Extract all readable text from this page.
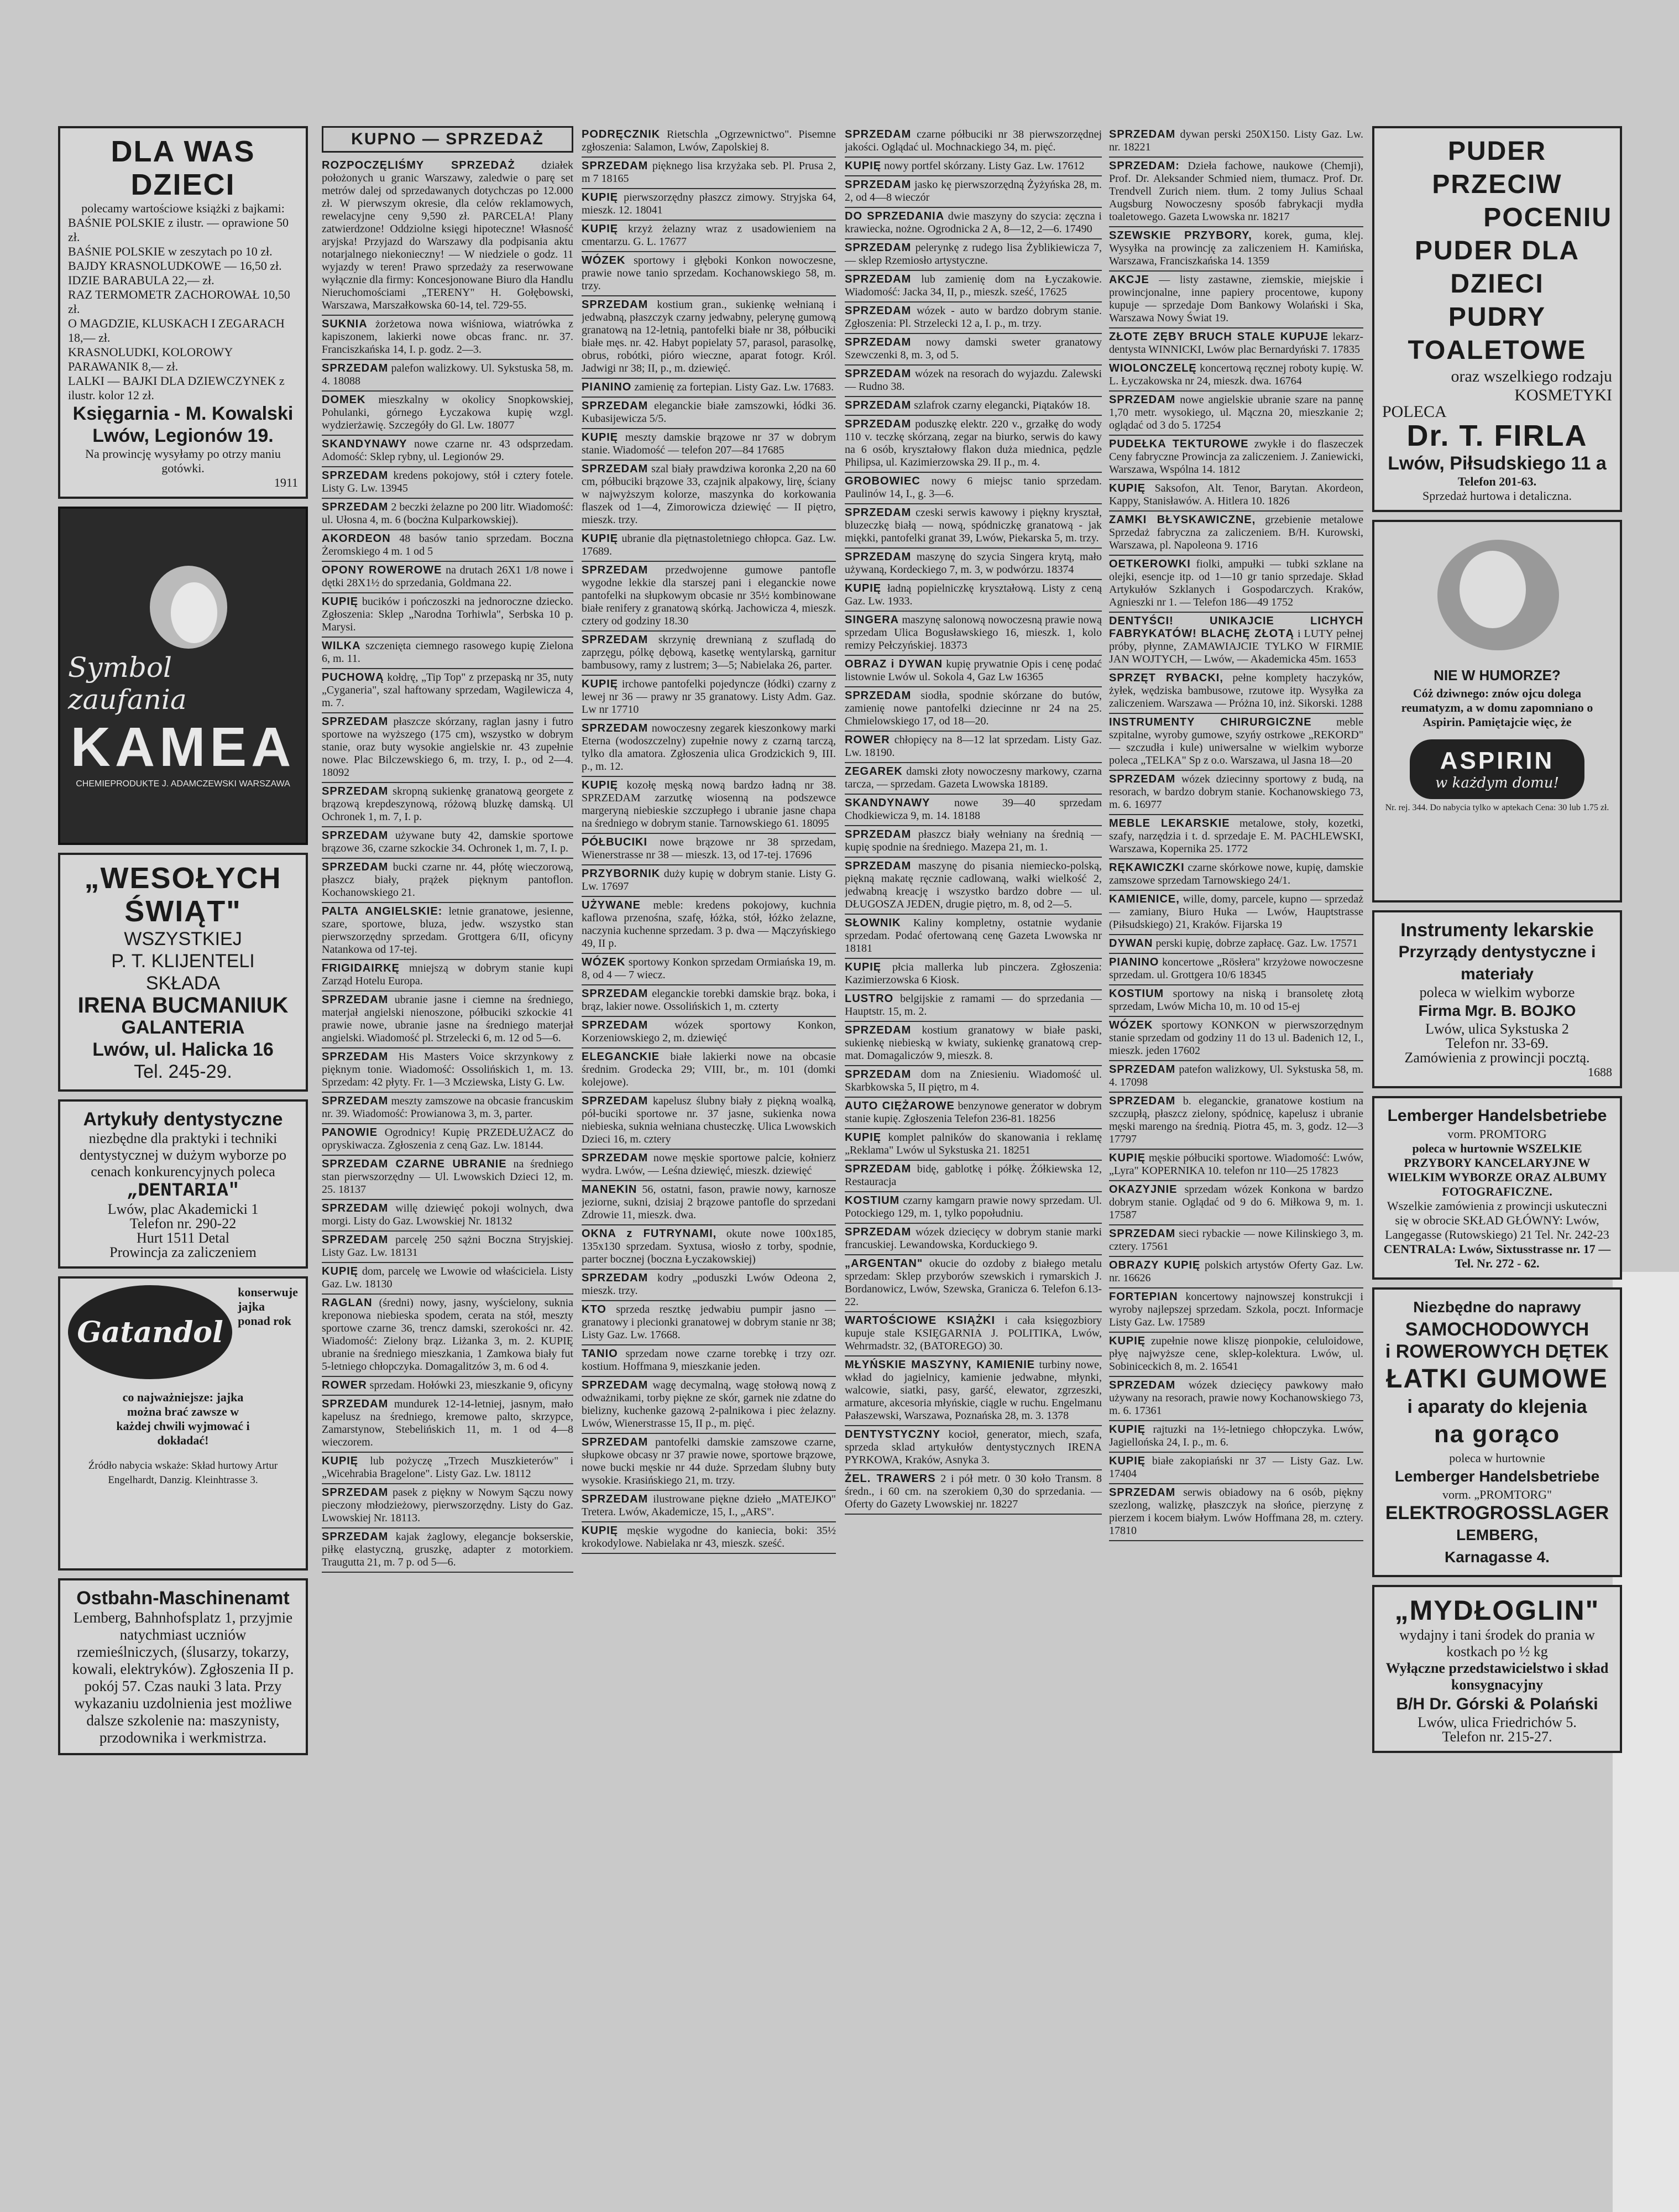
DLA WAS DZIECI
polecamy wartościowe książki z bajkami:
BAŚNIE POLSKIE z ilustr. — oprawione 50 zł.
BAŚNIE POLSKIE w zeszytach po 10 zł.
BAJDY KRASNOLUDKOWE — 16,50 zł.
IDZIE BARABULA 22,— zł.
RAZ TERMOMETR ZACHOROWAŁ 10,50 zł.
O MAGDZIE, KLUSKACH I ZEGARACH 18,— zł.
KRASNOLUDKI, KOLOROWY PARAWANIK 8,— zł.
LALKI — BAJKI DLA DZIEWCZYNEK z ilustr. kolor 12 zł.
Księgarnia - M. Kowalski
Lwów, Legionów 19.
Na prowincję wysyłamy po otrzy maniu gotówki.
1911
Symbol zaufania
KAMEA
CHEMIEPRODUKTE J. ADAMCZEWSKI WARSZAWA
„WESOŁYCH
ŚWIĄT"
WSZYSTKIEJ
P. T. KLIJENTELI
SKŁADA
IRENA BUCMANIUK
GALANTERIA
Lwów, ul. Halicka 16
Tel. 245-29.
Artykuły dentystyczne
niezbędne dla praktyki i techniki dentystycznej w dużym wyborze po cenach konkurencyjnych poleca
„DENTARIA"
Lwów, plac Akademicki 1
Telefon nr. 290-22
Hurt 1511 Detal
Prowincja za zaliczeniem
Gatandol
konserwuje jajka ponad rok
co najważniejsze: jajka można brać zawsze w każdej chwili wyjmować i dokładać!
Źródło nabycia wskaże: Skład hurtowy Artur Engelhardt, Danzig. Kleinhtrasse 3.
Ostbahn-Maschinenamt
Lemberg, Bahnhofsplatz 1, przyjmie natychmiast uczniów rzemieślniczych, (ślusarzy, tokarzy, kowali, elektryków). Zgłoszenia II p. pokój 57. Czas nauki 3 lata. Przy wykazaniu uzdolnienia jest możliwe dalsze szkolenie na: maszynisty, przodownika i werkmistrza.
KUPNO — SPRZEDAŻ
ROZPOCZĘLIŚMY SPRZEDAŻ działek położonych u granic Warszawy, zaledwie o parę set metrów dalej od sprzedawanych dotychczas po 12.000 zł. W pierwszym okresie, dla celów reklamowych, rewelacyjne ceny 9,590 zł. PARCELA! Plany zatwierdzone! Oddziolne księgi hipoteczne! Własność aryjska! Przyjazd do Warszawy dla podpisania aktu notarjalnego niekonieczny! — W niedziele o godz. 11 wyjazdy w teren! Prawo sprzedaży za reserwowane wyłącznie dla firmy: Koncesjonowane Biuro dla Handlu Nieruchomościami „TERENY" H. Gołębowski, Warszawa, Marszałkowska 60-14, tel. 729-55.
SUKNIA żorżetowa nowa wiśniowa, wiatrówka z kapiszonem, lakierki nowe obcas franc. nr. 37. Franciszkańska 14, I. p. godz. 2—3.
SPRZEDAM palefon walizkowy. Ul. Sykstuska 58, m. 4. 18088
DOMEK mieszkalny w okolicy Snopkowskiej, Pohulanki, górnego Łyczakowa kupię wzgl. wydzierżawię. Szczegóły do Gl. Lw. 18077
SKANDYNAWY nowe czarne nr. 43 odsprzedam. Adomość: Sklep rybny, ul. Legionów 29.
SPRZEDAM kredens pokojowy, stół i cztery fotele. Listy G. Lw. 13945
SPRZEDAM 2 beczki żelazne po 200 litr. Wiadomość: ul. Ułosna 4, m. 6 (bocżna Kulparkowskiej).
AKORDEON 48 basów tanio sprzedam. Boczna Żeromskiego 4 m. 1 od 5
OPONY ROWEROWE na drutach 26X1 1/8 nowe i dętki 28X1½ do sprzedania, Goldmana 22.
KUPIĘ bucików i pończoszki na jednoroczne dziecko. Zgłoszenia: Sklep „Narodna Torhiwla", Serbska 10 p. Marysi.
WILKA szczenięta ciemnego rasowego kupię Zielona 6, m. 11.
PUCHOWĄ kołdrę, „Tip Top" z przepaską nr 35, nuty „Cyganeria", szal haftowany sprzedam, Wagilewicza 4, m. 7.
SPRZEDAM płaszcze skórzany, raglan jasny i futro sportowe na wyższego (175 cm), wszystko w dobrym stanie, oraz buty wysokie angielskie nr. 43 zupełnie nowe. Plac Bilczewskiego 6, m. trzy, I. p., od 2—4. 18092
SPRZEDAM skropną sukienkę granatową georgete z brązową krepdeszynową, różową bluzkę damską. Ul Ochronek 1, m. 7, I. p.
SPRZEDAM używane buty 42, damskie sportowe brązowe 36, czarne szkockie 34. Ochronek 1, m. 7, I. p.
SPRZEDAM bucki czarne nr. 44, płótę wieczorową, płaszcz biały, prążek pięknym pantoflon. Kochanowskiego 21.
PALTA ANGIELSKIE: letnie granatowe, jesienne, szare, sportowe, bluza, jedw. wszystko stan pierwszorzędny sprzedam. Grottgera 6/II, oficyny Natankowa od 17-tej.
FRIGIDAIRKĘ mniejszą w dobrym stanie kupi Zarząd Hotelu Europa.
SPRZEDAM ubranie jasne i ciemne na średniego, materjał angielski nienoszone, półbuciki szkockie 41 prawie nowe, ubranie jasne na średniego materjał angielski. Wiadomość pl. Strzelecki 6, m. 12 od 5—6.
SPRZEDAM His Masters Voice skrzynkowy z pięknym tonie. Wiadomość: Ossolińskich 1, m. 13. Sprzedam: 42 płyty. Fr. 1—3 Mcziewska, Listy G. Lw.
SPRZEDAM meszty zamszowe na obcasie francuskim nr. 39. Wiadomość: Prowianowa 3, m. 3, parter.
PANOWIE Ogrodnicy! Kupię PRZEDŁUŻACZ do opryskiwacza. Zgłoszenia z ceną Gaz. Lw. 18144.
SPRZEDAM CZARNE UBRANIE na średniego stan pierwszorzędny — Ul. Lwowskich Dzieci 12, m. 25. 18137
SPRZEDAM willę dziewięć pokoji wolnych, dwa morgi. Listy do Gaz. Lwowskiej Nr. 18132
SPRZEDAM parcelę 250 sążni Boczna Stryjskiej. Listy Gaz. Lw. 18131
KUPIĘ dom, parcelę we Lwowie od właściciela. Listy Gaz. Lw. 18130
RAGLAN (średni) nowy, jasny, wyścielony, suknia kreponowa niebieska spodem, cerata na stół, meszty sportowe czarne 36, trencz damski, szerokości nr. 42. Wiadomość: Zielony brąz. Liżanka 3, m. 2. KUPIĘ ubranie na średniego mieszkania, 1 Zamkowa biały fut 5-letniego chłopczyka. Domagalitzów 3, m. 6 od 4.
ROWER sprzedam. Hołówki 23, mieszkanie 9, oficyny
SPRZEDAM mundurek 12-14-letniej, jasnym, mało kapelusz na średniego, kremowe palto, skrzypce, Zamarstynow, Stebelińskich 11, m. 1 od 4—8 wieczorem.
KUPIĘ lub pożyczę „Trzech Muszkieterów" i „Wicehrabia Bragelone". Listy Gaz. Lw. 18112
SPRZEDAM pasek z piękny w Nowym Sączu nowy pieczony młodzieżowy, pierwszorzędny. Listy do Gaz. Lwowskiej Nr. 18113.
SPRZEDAM kajak żaglowy, elegancje bokserskie, piłkę elastyczną, gruszkę, adapter z motorkiem. Traugutta 21, m. 7 p. od 5—6.
PODRĘCZNIK Rietschla „Ogrzewnictwo". Pisemne zgłoszenia: Salamon, Lwów, Zapolskiej 8.
SPRZEDAM pięknego lisa krzyżaka seb. Pl. Prusa 2, m 7 18165
KUPIĘ pierwszorzędny płaszcz zimowy. Stryjska 64, mieszk. 12. 18041
KUPIĘ krzyż żelazny wraz z usadowieniem na cmentarzu. G. L. 17677
WÓZEK sportowy i głęboki Konkon nowoczesne, prawie nowe tanio sprzedam. Kochanowskiego 58, m. trzy.
SPRZEDAM kostium gran., sukienkę wełnianą i jedwabną, płaszczyk czarny jedwabny, pelerynę gumową granatową na 12-letnią, pantofelki białe nr 38, półbuciki białe męs. nr. 42. Habyt popielaty 57, parasol, parasolkę, obrus, robótki, pióro wieczne, aparat fotogr. Król. Jadwigi nr 38; II, p., m. dziewięć.
PIANINO zamienię za fortepian. Listy Gaz. Lw. 17683.
SPRZEDAM eleganckie białe zamszowki, łódki 36. Kubasijewicza 5/5.
KUPIĘ meszty damskie brązowe nr 37 w dobrym stanie. Wiadomość — telefon 207—84 17685
SPRZEDAM szal biały prawdziwa koronka 2,20 na 60 cm, półbuciki brązowe 33, czajnik alpakowy, lirę, ściany w najwyższym kolorze, maszynka do korkowania flaszek od 1—4, Zimorowicza dziewięć — II piętro, mieszk. trzy.
KUPIĘ ubranie dla piętnastoletniego chłopca. Gaz. Lw. 17689.
SPRZEDAM przedwojenne gumowe pantofle wygodne lekkie dla starszej pani i eleganckie nowe pantofelki na słupkowym obcasie nr 35½ kombinowane białe renifery z granatową skórką. Jachowicza 4, mieszk. cztery od godziny 18.30
SPRZEDAM skrzynię drewnianą z szufladą do zaprzęgu, pólkę dębową, kasetkę wentylarską, garnitur bambusowy, ramy z lustrem; 3—5; Nabielaka 26, parter.
KUPIĘ irchowe pantofelki pojedyncze (łódki) czarny z lewej nr 36 — prawy nr 35 granatowy. Listy Adm. Gaz. Lw nr 17710
SPRZEDAM nowoczesny zegarek kieszonkowy marki Eterna (wodoszczelny) zupełnie nowy z czarną tarczą, tylko dla amatora. Zgłoszenia ulica Grodzickich 9, III. p., m. 12.
KUPIĘ kozołę męską nową bardzo ładną nr 38. SPRZEDAM zarzutkę wiosenną na podszewce margeryną niebieskie szczupłego i ubranie jasne chapa na średniego w dobrym stanie. Tarnowskiego 61. 18095
PÓŁBUCIKI nowe brązowe nr 38 sprzedam, Wienerstrasse nr 38 — mieszk. 13, od 17-tej. 17696
PRZYBORNIK duży kupię w dobrym stanie. Listy G. Lw. 17697
UŻYWANE meble: kredens pokojowy, kuchnia kaflowa przenośna, szafę, łóżka, stół, łóżko żelazne, naczynia kuchenne sprzedam. 3 p. dwa — Mączyńskiego 49, II p.
WÓZEK sportowy Konkon sprzedam Ormiańska 19, m. 8, od 4 — 7 wiecz.
SPRZEDAM eleganckie torebki damskie brąz. boka, i brąz, lakier nowe. Ossolińskich 1, m. czterty
SPRZEDAM wózek sportowy Konkon, Korzeniowskiego 2, m. dziewięć
ELEGANCKIE białe lakierki nowe na obcasie średnim. Grodecka 29; VIII, br., m. 101 (domki kolejowe).
SPRZEDAM kapelusz ślubny biały z piękną woalką, pół-buciki sportowe nr. 37 jasne, sukienka nowa niebieska, suknia wełniana chusteczkę. Ulica Lwowskich Dzieci 16, m. cztery
SPRZEDAM nowe męskie sportowe palcie, kołnierz wydra. Lwów, — Leśna dziewięć, mieszk. dziewięć
MANEKIN 56, ostatni, fason, prawie nowy, karnosze jeziorne, sukni, dzisiaj 2 brązowe pantofle do sprzedani Zdrowie 11, mieszk. dwa.
OKNA z FUTRYNAMI, okute nowe 100x185, 135x130 sprzedam. Syxtusa, wiosło z torby, spodnie, parter bocznej (boczna Łyczakowskiej)
SPRZEDAM kodry „poduszki Lwów Odeona 2, mieszk. trzy.
KTO sprzeda resztkę jedwabiu pumpir jasno — granatowy i plecionki granatowej w dobrym stanie nr 38; Listy Gaz. Lw. 17668.
TANIO sprzedam nowe czarne torebkę i trzy ozr. kostium. Hoffmana 9, mieszkanie jeden.
SPRZEDAM wagę decymalną, wagę stołową nową z odważnikami, torby piękne ze skór, garnek nie zdatne do bielizny, kuchenke gazową 2-palnikowa i piec żelazny. Lwów, Wienerstrasse 15, II p., m. pięć.
SPRZEDAM pantofelki damskie zamszowe czarne, słupkowe obcasy nr 37 prawie nowe, sportowe brązowe, nowe bucki męskie nr 44 duże. Sprzedam ślubny buty wysokie. Krasińskiego 21, m. trzy.
SPRZEDAM ilustrowane piękne dzieło „MATEJKO" Tretera. Lwów, Akademicze, 15, I., „ARS".
KUPIĘ męskie wygodne do kaniecia, boki: 35½ krokodylowe. Nabielaka nr 43, mieszk. sześć.
SPRZEDAM czarne półbuciki nr 38 pierwszorzędnej jakości. Oglądać ul. Mochnackiego 34, m. pięć.
KUPIĘ nowy portfel skórzany. Listy Gaz. Lw. 17612
SPRZEDAM jasko kę pierwszorzędną Żyżyńska 28, m. 2, od 4—8 wieczór
DO SPRZEDANIA dwie maszyny do szycia: zęczna i krawiecka, nożne. Ogrodnicka 2 A, 8—12, 2—6. 17490
SPRZEDAM pelerynkę z rudego lisa Żyblikiewicza 7, — sklep Rzemiosło artystyczne.
SPRZEDAM lub zamienię dom na Łyczakowie. Wiadomość: Jacka 34, II, p., mieszk. sześć, 17625
SPRZEDAM wózek - auto w bardzo dobrym stanie. Zgłoszenia: Pl. Strzelecki 12 a, I. p., m. trzy.
SPRZEDAM nowy damski sweter granatowy Szewczenki 8, m. 3, od 5.
SPRZEDAM wózek na resorach do wyjazdu. Zalewski — Rudno 38.
SPRZEDAM szlafrok czarny elegancki, Piątaków 18.
SPRZEDAM poduszkę elektr. 220 v., grzałkę do wody 110 v. teczkę skórzaną, zegar na biurko, serwis do kawy na 6 osób, kryształowy flakon duża miednica, pędzle Philipsa, ul. Kazimierzowska 29. II p., m. 4.
GROBOWIEC nowy 6 miejsc tanio sprzedam. Paulinów 14, I., g. 3—6.
SPRZEDAM czeski serwis kawowy i piękny kryształ, bluzeczkę białą — nową, spódniczkę granatową - jak miękki, pantofelki granat 39, Lwów, Piekarska 5, m. trzy.
SPRZEDAM maszynę do szycia Singera krytą, mało używaną, Kordeckiego 7, m. 3, w podwórzu. 18374
KUPIĘ ładną popielniczkę kryształową. Listy z ceną Gaz. Lw. 1933.
SINGERA maszynę salonową nowoczesną prawie nową sprzedam Ulica Bogusławskiego 16, mieszk. 1, kolo remizy Pełczyńskiej. 18373
OBRAZ i DYWAN kupię prywatnie Opis i cenę podać listownie Lwów ul. Sokola 4, Gaz Lw 16365
SPRZEDAM siodła, spodnie skórzane do butów, zamienię nowe pantofelki dziecinne nr 24 na 25. Chmielowskiego 17, od 18—20.
ROWER chłopięcy na 8—12 lat sprzedam. Listy Gaz. Lw. 18190.
ZEGAREK damski złoty nowoczesny markowy, czarna tarcza, — sprzedam. Gazeta Lwowska 18189.
SKANDYNAWY nowe 39—40 sprzedam Chodkiewicza 9, m. 14. 18188
SPRZEDAM płaszcz biały wełniany na średnią — kupię spodnie na średniego. Mazepa 21, m. 1.
SPRZEDAM maszynę do pisania niemiecko-polską, piękną makatę ręcznie cadlowaną, wałki wielkość 2, jedwabną kreację i wszystko bardzo dobre — ul. DŁUGOSZA JEDEN, drugie piętro, m. 8, od 2—5.
SŁOWNIK Kaliny kompletny, ostatnie wydanie sprzedam. Podać ofertowaną cenę Gazeta Lwowska nr 18181
KUPIĘ płcia mallerka lub pinczera. Zgłoszenia: Kazimierzowska 6 Kiosk.
LUSTRO belgijskie z ramami — do sprzedania — Hauptstr. 15, m. 2.
SPRZEDAM kostium granatowy w białe paski, sukienkę niebieską w kwiaty, sukienkę granatową crep-mat. Domagaliczów 9, mieszk. 8.
SPRZEDAM dom na Zniesieniu. Wiadomość ul. Skarbkowska 5, II piętro, m 4.
AUTO CIĘŻAROWE benzynowe generator w dobrym stanie kupię. Zgłoszenia Telefon 236-81. 18256
KUPIĘ komplet palników do skanowania i reklamę „Reklama" Lwów ul Sykstuska 21. 18251
SPRZEDAM bidę, gablotkę i półkę. Żółkiewska 12, Restauracja
KOSTIUM czarny kamgarn prawie nowy sprzedam. Ul. Potockiego 129, m. 1, tylko popołudniu.
SPRZEDAM wózek dziecięcy w dobrym stanie marki francuskiej. Lewandowska, Korduckiego 9.
„ARGENTAN" okucie do ozdoby z białego metalu sprzedam: Sklep przyborów szewskich i rymarskich J. Bordanowicz, Lwów, Szewska, Granicza 6. Telefon 6.13-22.
WARTOŚCIOWE KSIĄŻKI i cała księgozbiory kupuje stale KSIĘGARNIA J. POLITIKA, Lwów, Wehrmadstr. 32, (BATOREGO) 30.
MŁYŃSKIE MASZYNY, KAMIENIE turbiny nowe, wkład do jagielnicy, kamienie jedwabne, młynki, walcowie, siatki, pasy, garść, elewator, zgrzeszki, armature, akcesoria młyńskie, ciągle w ruchu. Engelmanu Pałaszewski, Warszawa, Poznańska 28, m. 3. 1378
DENTYSTYCZNY kocioł, generator, miech, szafa, sprzeda sklad artykułów dentystycznych IRENA PYRKOWA, Kraków, Asnyka 3.
ŻEL. TRAWERS 2 i pół metr. 0 30 koło Transm. 8 średn., i 60 cm. na szerokiem 0,30 do sprzedania. — Oferty do Gazety Lwowskiej nr. 18227
SPRZEDAM dywan perski 250X150. Listy Gaz. Lw. nr. 18221
SPRZEDAM: Dzieła fachowe, naukowe (Chemji), Prof. Dr. Aleksander Schmied niem, tłumacz. Prof. Dr. Trendvell Zurich niem. tłum. 2 tomy Julius Schaal Augsburg Nowoczesny sposób fabrykacji mydła toaletowego. Gazeta Lwowska nr. 18217
SZEWSKIE PRZYBORY, korek, guma, klej. Wysyłka na prowincję za zaliczeniem H. Kamińska, Warszawa, Franciszkańska 14. 1359
AKCJE — listy zastawne, ziemskie, miejskie i prowincjonalne, inne papiery procentowe, kupony kupuje — sprzedaje Dom Bankowy Wolański i Ska, Warszawa Nowy Świat 19.
ZŁOTE ZĘBY BRUCH STALE KUPUJE lekarz-dentysta WINNICKI, Lwów plac Bernardyński 7. 17835
WIOLONCZELĘ koncertową ręcznej roboty kupię. W. L. Łyczakowska nr 24, mieszk. dwa. 16764
SPRZEDAM nowe angielskie ubranie szare na pannę 1,70 metr. wysokiego, ul. Mączna 20, mieszkanie 2; oglądać od 3 do 5. 17254
PUDEŁKA TEKTUROWE zwykłe i do flaszeczek Ceny fabryczne Prowincja za zaliczeniem. J. Zaniewicki, Warszawa, Wspólna 14. 1812
KUPIĘ Saksofon, Alt. Tenor, Barytan. Akordeon, Kappy, Stanisławów. A. Hitlera 10. 1826
ZAMKI BŁYSKAWICZNE, grzebienie metalowe Sprzedaż fabryczna za zaliczeniem. B/H. Kurowski, Warszawa, pl. Napoleona 9. 1716
OETKEROWKI fiolki, ampułki — tubki szklane na olejki, esencje itp. od 1—10 gr tanio sprzedaje. Skład Artykułów Szklanych i Gospodarczych. Kraków, Agnieszki nr 1. — Telefon 186—49 1752
DENTYŚCI! UNIKAJCIE LICHYCH FABRYKATÓW! BLACHĘ ZŁOTĄ i LUTY pełnej próby, płynne, ZAMAWIAJCIE TYLKO W FIRMIE JAN WOJTYCH, — Lwów, — Akademicka 45m. 1653
SPRZĘT RYBACKI, pełne komplety haczyków, żyłek, wędziska bambusowe, rzutowe itp. Wysyłka za zaliczeniem. Warszawa — Próżna 10, inż. Sikorski. 1288
INSTRUMENTY CHIRURGICZNE meble szpitalne, wyroby gumowe, szyńy ostrkowe „REKORD" — szczudła i kule) uniwersalne w wielkim wyborze poleca „TELKA" Sp z o.o. Warszawa, ul Jasna 18—20
SPRZEDAM wózek dziecinny sportowy z budą, na resorach, w bardzo dobrym stanie. Kochanowskiego 73, m. 6. 16977
MEBLE LEKARSKIE metalowe, stoły, kozetki, szafy, narzędzia i t. d. sprzedaje E. M. PACHLEWSKI, Warszawa, Kopernika 25. 1772
RĘKAWICZKI czarne skórkowe nowe, kupię, damskie zamszowe sprzedam Tarnowskiego 24/1.
KAMIENICE, wille, domy, parcele, kupno — sprzedaż — zamiany, Biuro Huka — Lwów, Hauptstrasse (Piłsudskiego) 21, Kraków. Fijarska 19
DYWAN perski kupię, dobrze zapłacę. Gaz. Lw. 17571
PIANINO koncertowe „Rösłera" krzyżowe nowoczesne sprzedam. ul. Grottgera 10/6 18345
KOSTIUM sportowy na niską i bransoletę złotą sprzedam, Lwów Micha 10, m. 10 od 15-ej
WÓZEK sportowy KONKON w pierwszorzędnym stanie sprzedam od godziny 11 do 13 ul. Badenich 12, I., mieszk. jeden 17602
SPRZEDAM patefon walizkowy, Ul. Sykstuska 58, m. 4. 17098
SPRZEDAM b. eleganckie, granatowe kostium na szczupłą, płaszcz zielony, spódnicę, kapelusz i ubranie męski marengo na średnią. Piotra 45, m. 3, godz. 12—3 17797
KUPIĘ męskie półbuciki sportowe. Wiadomość: Lwów, „Lyra" KOPERNIKA 10. telefon nr 110—25 17823
OKAZYJNIE sprzedam wózek Konkona w bardzo dobrym stanie. Oglądać od 9 do 6. Miłkowa 9, m. 1. 17587
SPRZEDAM sieci rybackie — nowe Kilinskiego 3, m. cztery. 17561
OBRAZY KUPIĘ polskich artystów Oferty Gaz. Lw. nr. 16626
FORTEPIAN koncertowy najnowszej konstrukcji i wyroby najlepszej sprzedam. Szkola, poczt. Informacje Listy Gaz. Lw. 17589
KUPIĘ zupełnie nowe kliszę pionpokie, celuloidowe, płyę najwyższe cene, sklep-kolektura. Lwów, ul. Sobiniceckich 8, m. 2. 16541
SPRZEDAM wózek dziecięcy pawkowy mało używany na resorach, prawie nowy Kochanowskiego 73, m. 6. 17361
KUPIĘ rajtuzki na 1½-letniego chłopczyka. Lwów, Jagiellońska 24, I. p., m. 6.
KUPIĘ białe zakopiański nr 37 — Listy Gaz. Lw. 17404
SPRZEDAM serwis obiadowy na 6 osób, piękny szezlong, walizkę, płaszczyk na słońce, pierzynę z pierzem i kocem białym. Lwów Hoffmana 28, m. cztery. 17810
PUDER PRZECIW
POCENIU
PUDER DLA DZIECI
PUDRY TOALETOWE
oraz wszelkiego rodzaju KOSMETYKI
POLECA
Dr. T. FIRLA
Lwów, Piłsudskiego 11 a
Telefon 201-63.
Sprzedaż hurtowa i detaliczna.
NIE W HUMORZE?
Cóż dziwnego: znów ojcu dolega reumatyzm, a w domu zapomniano o Aspirin. Pamiętajcie więc, że
ASPIRIN
w każdym domu!
Nr. rej. 344. Do nabycia tylko w aptekach Cena: 30 lub 1.75 zł.
Instrumenty lekarskie
Przyrządy dentystyczne i materiały
poleca w wielkim wyborze
Firma Mgr. B. BOJKO
Lwów, ulica Sykstuska 2
Telefon nr. 33-69.
Zamówienia z prowincji pocztą.
1688
Lemberger Handelsbetriebe
vorm. PROMTORG
poleca w hurtownie WSZELKIE PRZYBORY KANCELARYJNE W WIELKIM WYBORZE ORAZ ALBUMY FOTOGRAFICZNE.
Wszelkie zamówienia z prowincji uskuteczni się w obrocie SKŁAD GŁÓWNY: Lwów, Langegasse (Rutowskiego) 21 Tel. Nr. 242-23
CENTRALA: Lwów, Sixtusstrasse nr. 17 — Tel. Nr. 272 - 62.
Niezbędne do naprawy
SAMOCHODOWYCH
i ROWEROWYCH DĘTEK
ŁATKI GUMOWE
i aparaty do klejenia
na gorąco
poleca w hurtownie
Lemberger Handelsbetriebe
vorm. „PROMTORG"
ELEKTROGROSSLAGER
LEMBERG,
Karnagasse 4.
„MYDŁOGLIN"
wydajny i tani środek do prania w kostkach po ½ kg
Wyłączne przedstawicielstwo i skład konsygnacyjny
B/H Dr. Górski & Polański
Lwów, ulica Friedrichów 5.
Telefon nr. 215-27.
